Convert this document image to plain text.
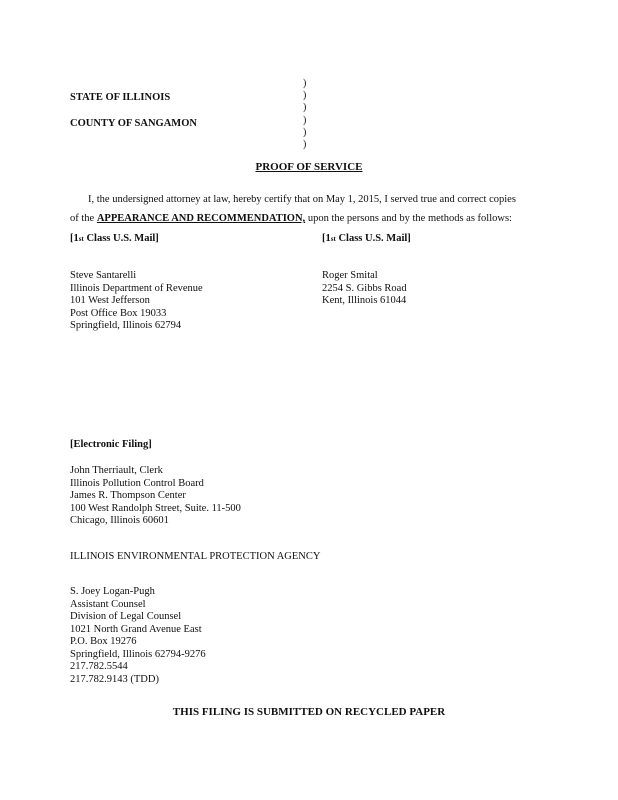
)
)
)
)
)
)
STATE OF ILLINOIS
COUNTY OF SANGAMON
PROOF OF SERVICE
I, the undersigned attorney at law, hereby certify that on May 1, 2015, I served true and correct copies
of the APPEARANCE AND RECOMMENDATION, upon the persons and by the methods as follows:
[1st Class U.S. Mail]	[1st Class U.S. Mail]
Steve Santarelli
Illinois Department of Revenue
101 West Jefferson
Post Office Box 19033
Springfield, Illinois 62794
Roger Smital
2254 S. Gibbs Road
Kent, Illinois 61044
[Electronic Filing]
John Therriault, Clerk
Illinois Pollution Control Board
James R. Thompson Center
100 West Randolph Street, Suite. 11-500
Chicago, Illinois 60601
ILLINOIS ENVIRONMENTAL PROTECTION AGENCY
S. Joey Logan-Pugh
Assistant Counsel
Division of Legal Counsel
1021 North Grand Avenue East
P.O. Box 19276
Springfield, Illinois 62794-9276
217.782.5544
217.782.9143 (TDD)
THIS FILING IS SUBMITTED ON RECYCLED PAPER
